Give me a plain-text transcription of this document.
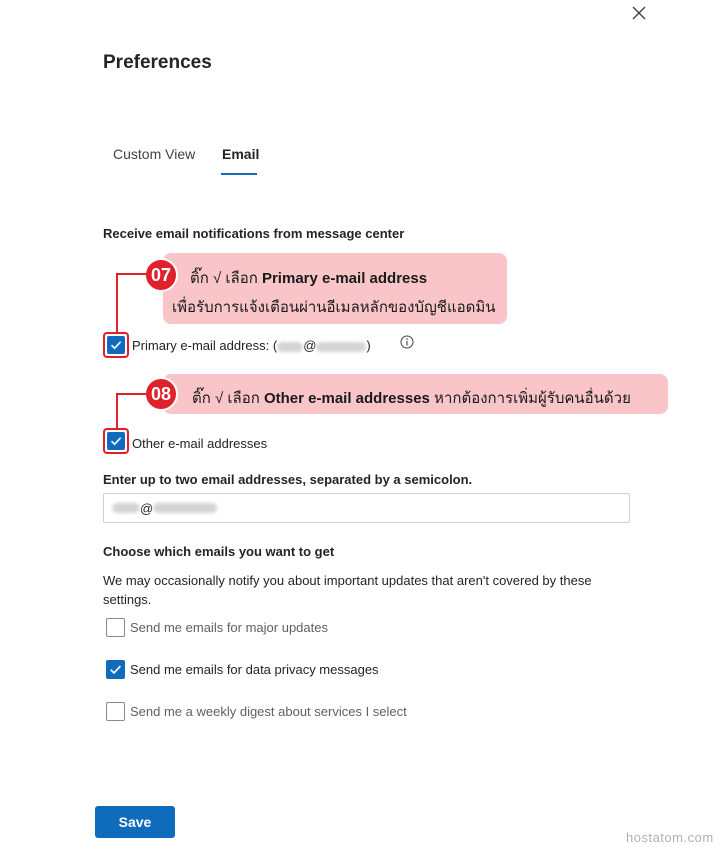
Preferences
Custom View Email
Receive email notifications from message center
ติ๊ก √ เลือก Primary e-mail address
เพื่อรับการแจ้งเตือนผ่านอีเมลหลักของบัญชีแอดมิน
07
Primary e-mail address: ( @	)
ติ๊ก √ เลือก Other e-mail addresses หากต้องการเพิ่มผู้รับคนอื่นด้วย
08
Other e-mail addresses
Enter up to two email addresses, separated by a semicolon.
@
Choose which emails you want to get
We may occasionally notify you about important updates that aren't covered by these settings.
Send me emails for major updates
Send me emails for data privacy messages
Send me a weekly digest about services I select
Save
hostatom.com
